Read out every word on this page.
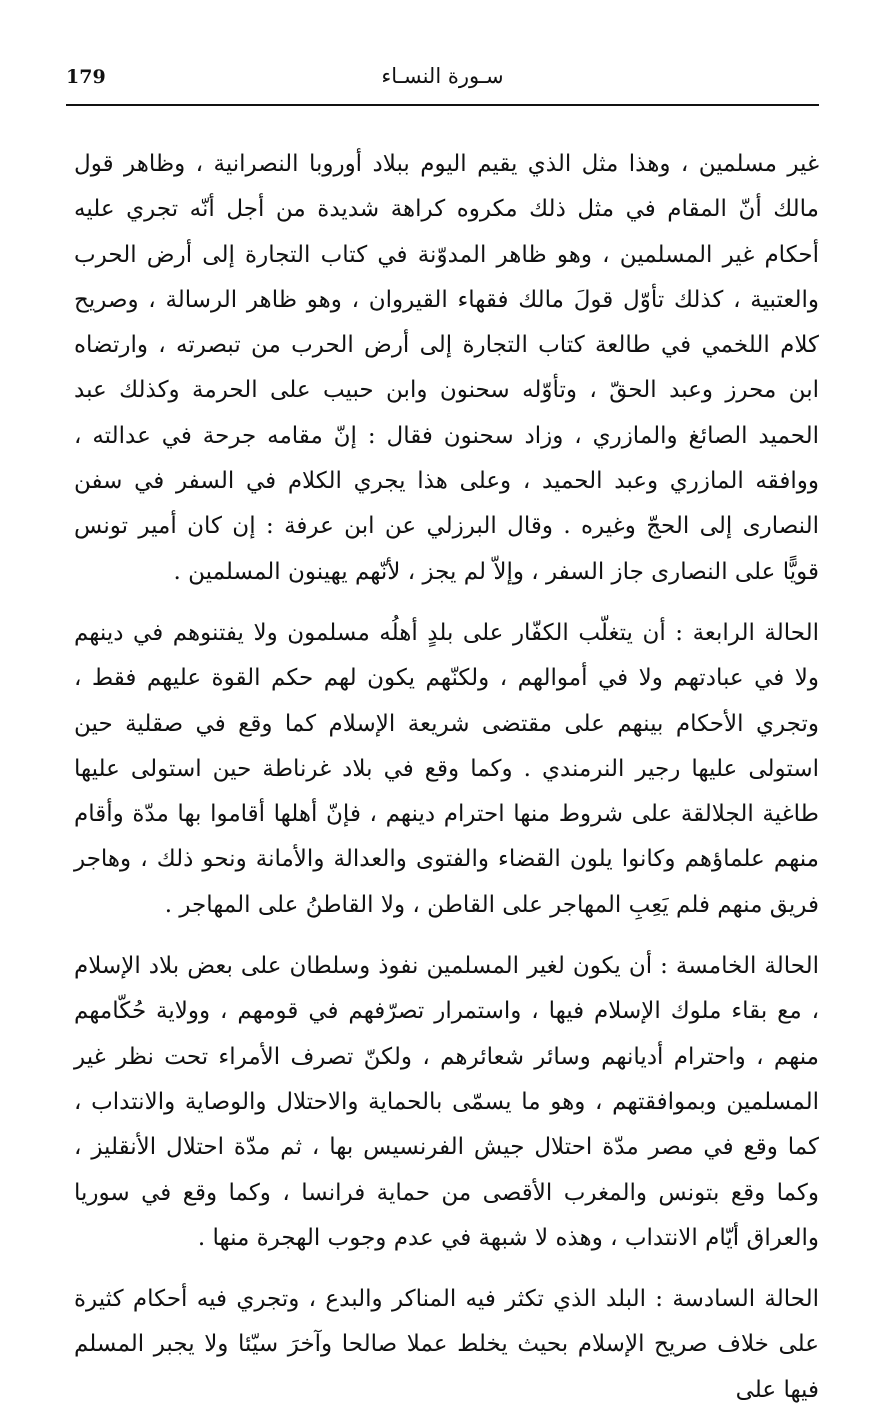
179	سـورة النسـاء

غير مسلمين ، وهذا مثل الذي يقيم اليوم ببلاد أوروبا النصرانية ، وظاهر قول مالك أنّ المقام في مثل ذلك مكروه كراهة شديدة من أجل أنّه تجري عليه أحكام غير المسلمين ، وهو ظاهر المدوّنة في كتاب التجارة إلى أرض الحرب والعتبية ، كذلك تأوّل قولَ مالك فقهاء القيروان ، وهو ظاهر الرسالة ، وصريح كلام اللخمي في طالعة كتاب التجارة إلى أرض الحرب من تبصرته ، وارتضاه ابن محرز وعبد الحقّ ، وتأوّله سحنون وابن حبيب على الحرمة وكذلك عبد الحميد الصائغ والمازري ، وزاد سحنون فقال : إنّ مقامه جرحة في عدالته ، ووافقه المازري وعبد الحميد ، وعلى هذا يجري الكلام في السفر في سفن النصارى إلى الحجّ وغيره . وقال البرزلي عن ابن عرفة : إن كان أمير تونس قويًّا على النصارى جاز السفر ، وإلاّ لم يجز ، لأنّهم يهينون المسلمين .

الحالة الرابعة : أن يتغلّب الكفّار على بلدٍ أهلُه مسلمون ولا يفتنوهم في دينهم ولا في عبادتهم ولا في أموالهم ، ولكنّهم يكون لهم حكم القوة عليهم فقط ، وتجري الأحكام بينهم على مقتضى شريعة الإسلام كما وقع في صقلية حين استولى عليها رجير النرمندي . وكما وقع في بلاد غرناطة حين استولى عليها طاغية الجلالقة على شروط منها احترام دينهم ، فإنّ أهلها أقاموا بها مدّة وأقام منهم علماؤهم وكانوا يلون القضاء والفتوى والعدالة والأمانة ونحو ذلك ، وهاجر فريق منهم فلم يَعِبِ المهاجر على القاطن ، ولا القاطنُ على المهاجر .

الحالة الخامسة : أن يكون لغير المسلمين نفوذ وسلطان على بعض بلاد الإسلام ، مع بقاء ملوك الإسلام فيها ، واستمرار تصرّفهم في قومهم ، وولاية حُكّامهم منهم ، واحترام أديانهم وسائر شعائرهم ، ولكنّ تصرف الأمراء تحت نظر غير المسلمين وبموافقتهم ، وهو ما يسمّى بالحماية والاحتلال والوصاية والانتداب ، كما وقع في مصر مدّة احتلال جيش الفرنسيس بها ، ثم مدّة احتلال الأنقليز ، وكما وقع بتونس والمغرب الأقصى من حماية فرانسا ، وكما وقع في سوريا والعراق أيّام الانتداب ، وهذه لا شبهة في عدم وجوب الهجرة منها .

الحالة السادسة : البلد الذي تكثر فيه المناكر والبدع ، وتجري فيه أحكام كثيرة على خلاف صريح الإسلام بحيث يخلط عملا صالحا وآخرَ سيّئا ولا يجبر المسلم فيها على
